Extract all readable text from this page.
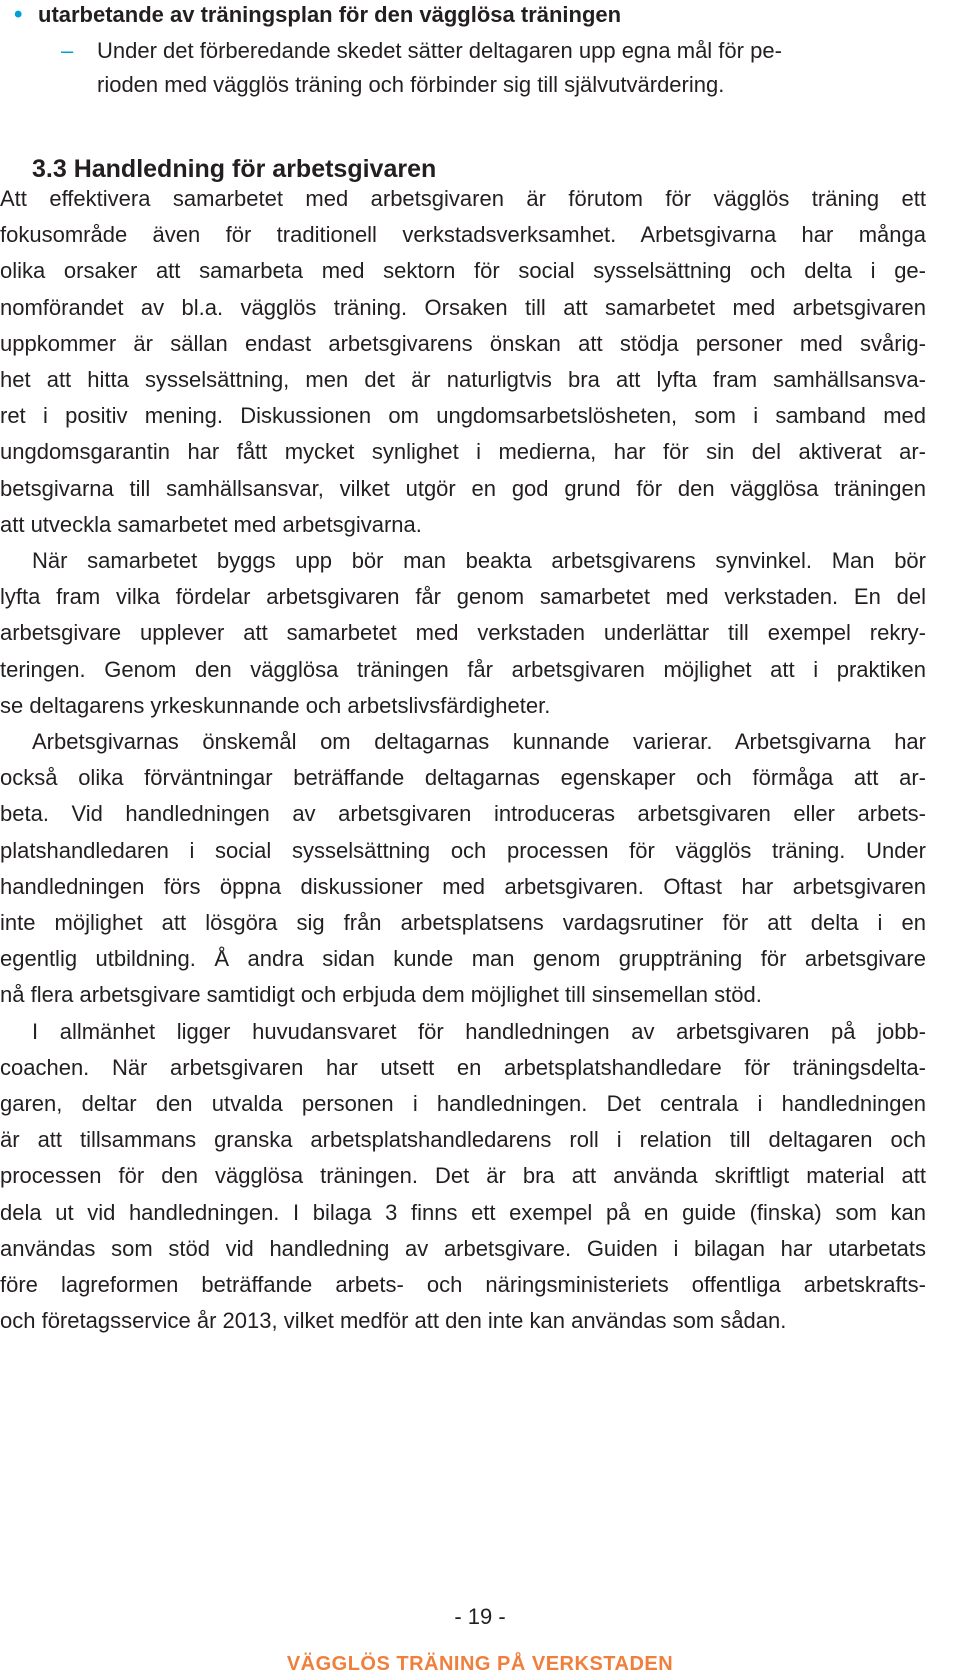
• utarbetande av träningsplan för den vägglösa träningen
– Under det förberedande skedet sätter deltagaren upp egna mål för pe-
rioden med vägglös träning och förbinder sig till självutvärdering.
3.3 Handledning för arbetsgivaren
Att effektivera samarbetet med arbetsgivaren är förutom för vägglös träning ett
fokusområde även för traditionell verkstadsverksamhet. Arbetsgivarna har många
olika orsaker att samarbeta med sektorn för social sysselsättning och delta i ge-
nomförandet av bl.a. vägglös träning. Orsaken till att samarbetet med arbetsgivaren
uppkommer är sällan endast arbetsgivarens önskan att stödja personer med svårig-
het att hitta sysselsättning, men det är naturligtvis bra att lyfta fram samhällsansva-
ret i positiv mening. Diskussionen om ungdomsarbetslösheten, som i samband med
ungdomsgarantin har fått mycket synlighet i medierna, har för sin del aktiverat ar-
betsgivarna till samhällsansvar, vilket utgör en god grund för den vägglösa träningen
att utveckla samarbetet med arbetsgivarna.
När samarbetet byggs upp bör man beakta arbetsgivarens synvinkel. Man bör
lyfta fram vilka fördelar arbetsgivaren får genom samarbetet med verkstaden. En del
arbetsgivare upplever att samarbetet med verkstaden underlättar till exempel rekry-
teringen. Genom den vägglösa träningen får arbetsgivaren möjlighet att i praktiken
se deltagarens yrkeskunnande och arbetslivsfärdigheter.
Arbetsgivarnas önskemål om deltagarnas kunnande varierar. Arbetsgivarna har
också olika förväntningar beträffande deltagarnas egenskaper och förmåga att ar-
beta. Vid handledningen av arbetsgivaren introduceras arbetsgivaren eller arbets-
platshandledaren i social sysselsättning och processen för vägglös träning. Under
handledningen förs öppna diskussioner med arbetsgivaren. Oftast har arbetsgivaren
inte möjlighet att lösgöra sig från arbetsplatsens vardagsrutiner för att delta i en
egentlig utbildning. Å andra sidan kunde man genom gruppträning för arbetsgivare
nå flera arbetsgivare samtidigt och erbjuda dem möjlighet till sinsemellan stöd.
I allmänhet ligger huvudansvaret för handledningen av arbetsgivaren på jobb-
coachen. När arbetsgivaren har utsett en arbetsplatshandledare för träningsdelta-
garen, deltar den utvalda personen i handledningen. Det centrala i handledningen
är att tillsammans granska arbetsplatshandledarens roll i relation till deltagaren och
processen för den vägglösa träningen. Det är bra att använda skriftligt material att
dela ut vid handledningen. I bilaga 3 finns ett exempel på en guide (finska) som kan
användas som stöd vid handledning av arbetsgivare. Guiden i bilagan har utarbetats
före lagreformen beträffande arbets- och näringsministeriets offentliga arbetskrafts-
och företagsservice år 2013, vilket medför att den inte kan användas som sådan.
- 19 -
VÄGGLÖS TRÄNING PÅ VERKSTADEN
